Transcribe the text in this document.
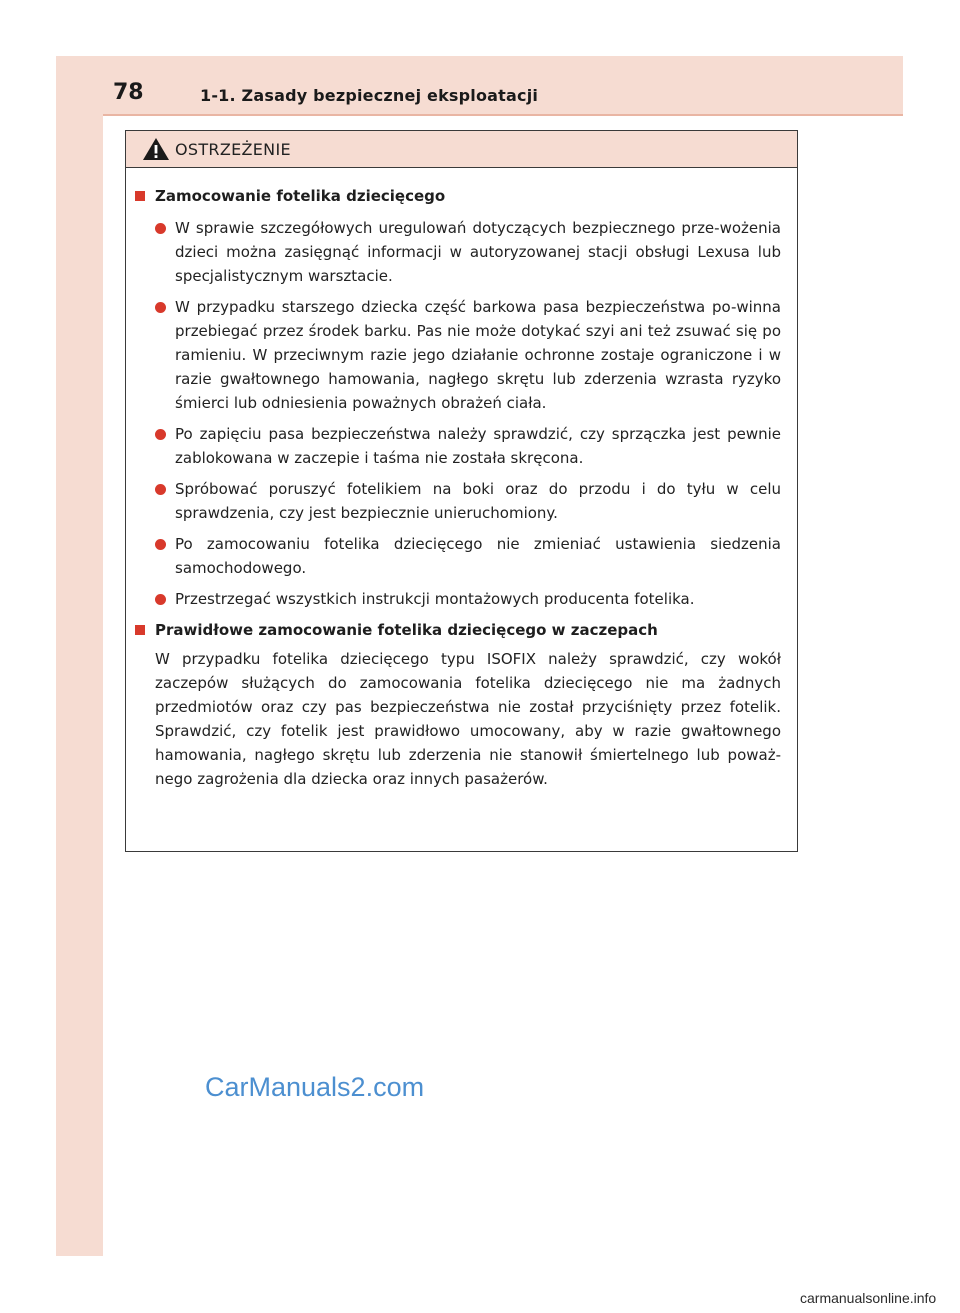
78	1-1. Zasady bezpiecznej eksploatacji
OSTRZEŻENIE
Zamocowanie fotelika dziecięcego
W sprawie szczegółowych uregulowań dotyczących bezpiecznego prze-wożenia dzieci można zasięgnąć informacji w autoryzowanej stacji obsługi Lexusa lub specjalistycznym warsztacie.
W przypadku starszego dziecka część barkowa pasa bezpieczeństwa po-winna przebiegać przez środek barku. Pas nie może dotykać szyi ani też zsuwać się po ramieniu. W przeciwnym razie jego działanie ochronne zostaje ograniczone i w razie gwałtownego hamowania, nagłego skrętu lub zderzenia wzrasta ryzyko śmierci lub odniesienia poważnych obrażeń ciała.
Po zapięciu pasa bezpieczeństwa należy sprawdzić, czy sprzączka jest pewnie zablokowana w zaczepie i taśma nie została skręcona.
Spróbować poruszyć fotelikiem na boki oraz do przodu i do tyłu w celu sprawdzenia, czy jest bezpiecznie unieruchomiony.
Po zamocowaniu fotelika dziecięcego nie zmieniać ustawienia siedzenia samochodowego.
Przestrzegać wszystkich instrukcji montażowych producenta fotelika.
Prawidłowe zamocowanie fotelika dziecięcego w zaczepach
W przypadku fotelika dziecięcego typu ISOFIX należy sprawdzić, czy wokół zaczepów służących do zamocowania fotelika dziecięcego nie ma żadnych przedmiotów oraz czy pas bezpieczeństwa nie został przyciśnięty przez fotelik. Sprawdzić, czy fotelik jest prawidłowo umocowany, aby w razie gwałtownego hamowania, nagłego skrętu lub zderzenia nie stanowił śmiertelnego lub poważ-nego zagrożenia dla dziecka oraz innych pasażerów.
CarManuals2.com
carmanualsonline.info
